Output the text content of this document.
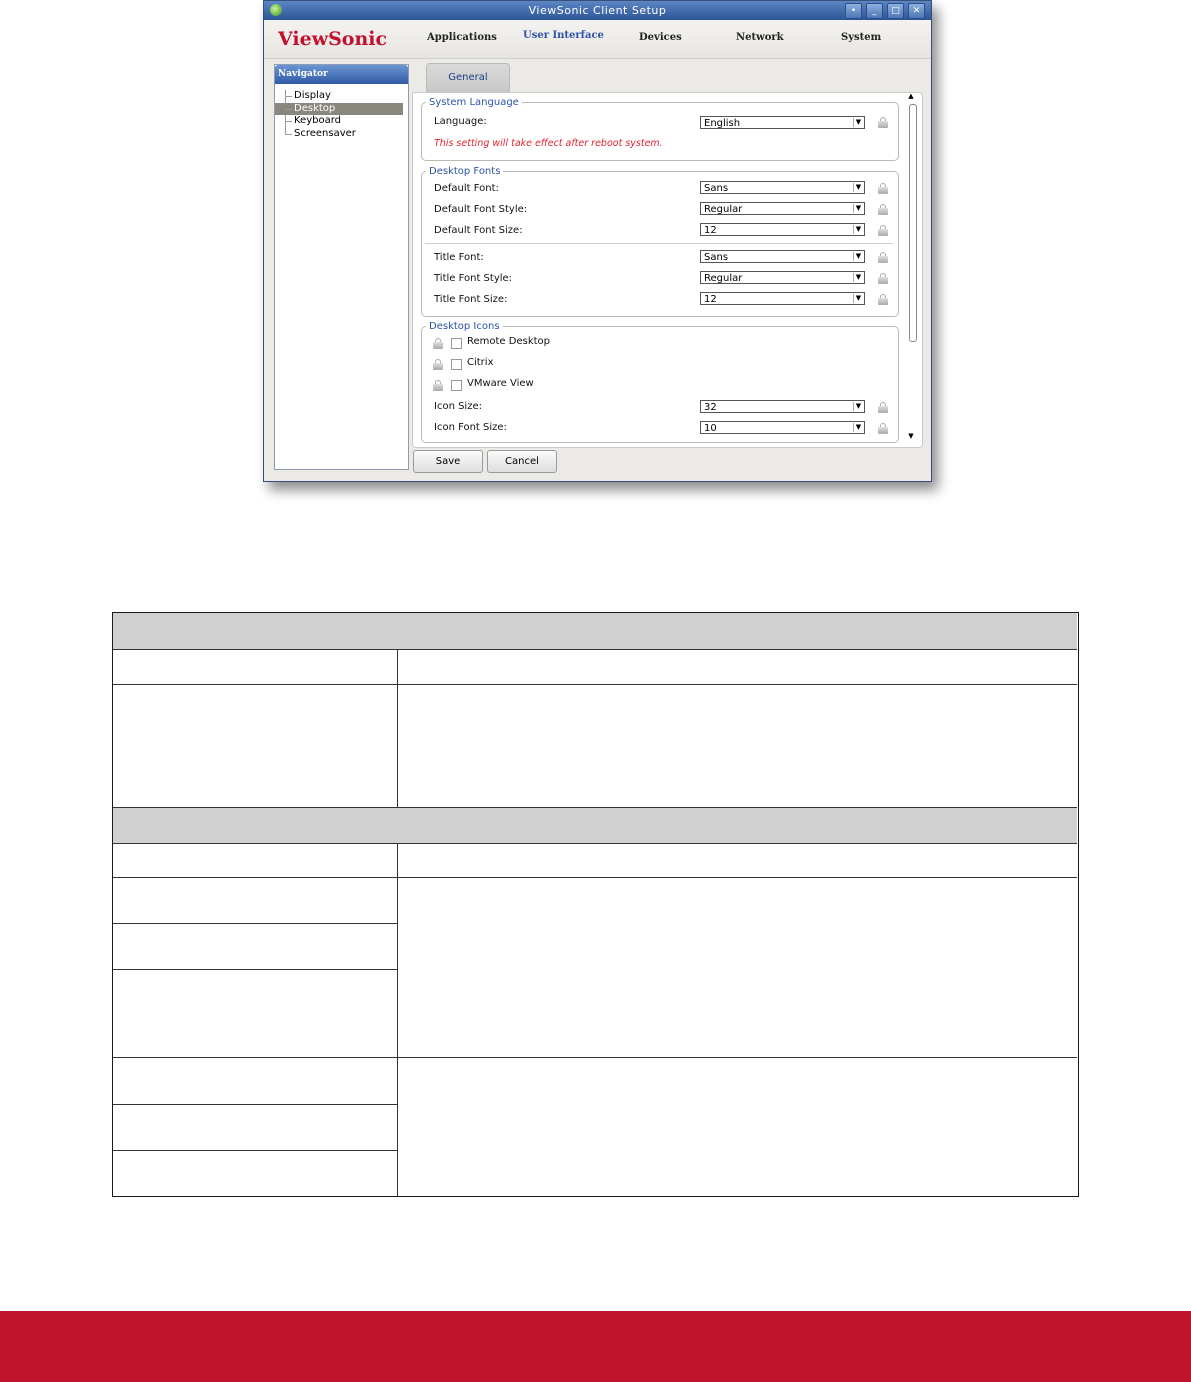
ViewSonic Client Setup	•	_	□	✕
ViewSonic	Applications	User Interface	Devices	Network	System
Navigator
Display
Desktop
Keyboard
Screensaver
General
System Language
Language:	English	▼
This setting will take effect after reboot system.
Desktop Fonts
Default Font:	Sans	▼
Default Font Style:	Regular	▼
Default Font Size:	12	▼
Title Font:	Sans	▼
Title Font Style:	Regular	▼
Title Font Size:	12	▼
Desktop Icons
Remote Desktop
Citrix
VMware View
Icon Size:	32	▼
Icon Font Size:	10	▼
▲
▼
Save	Cancel
